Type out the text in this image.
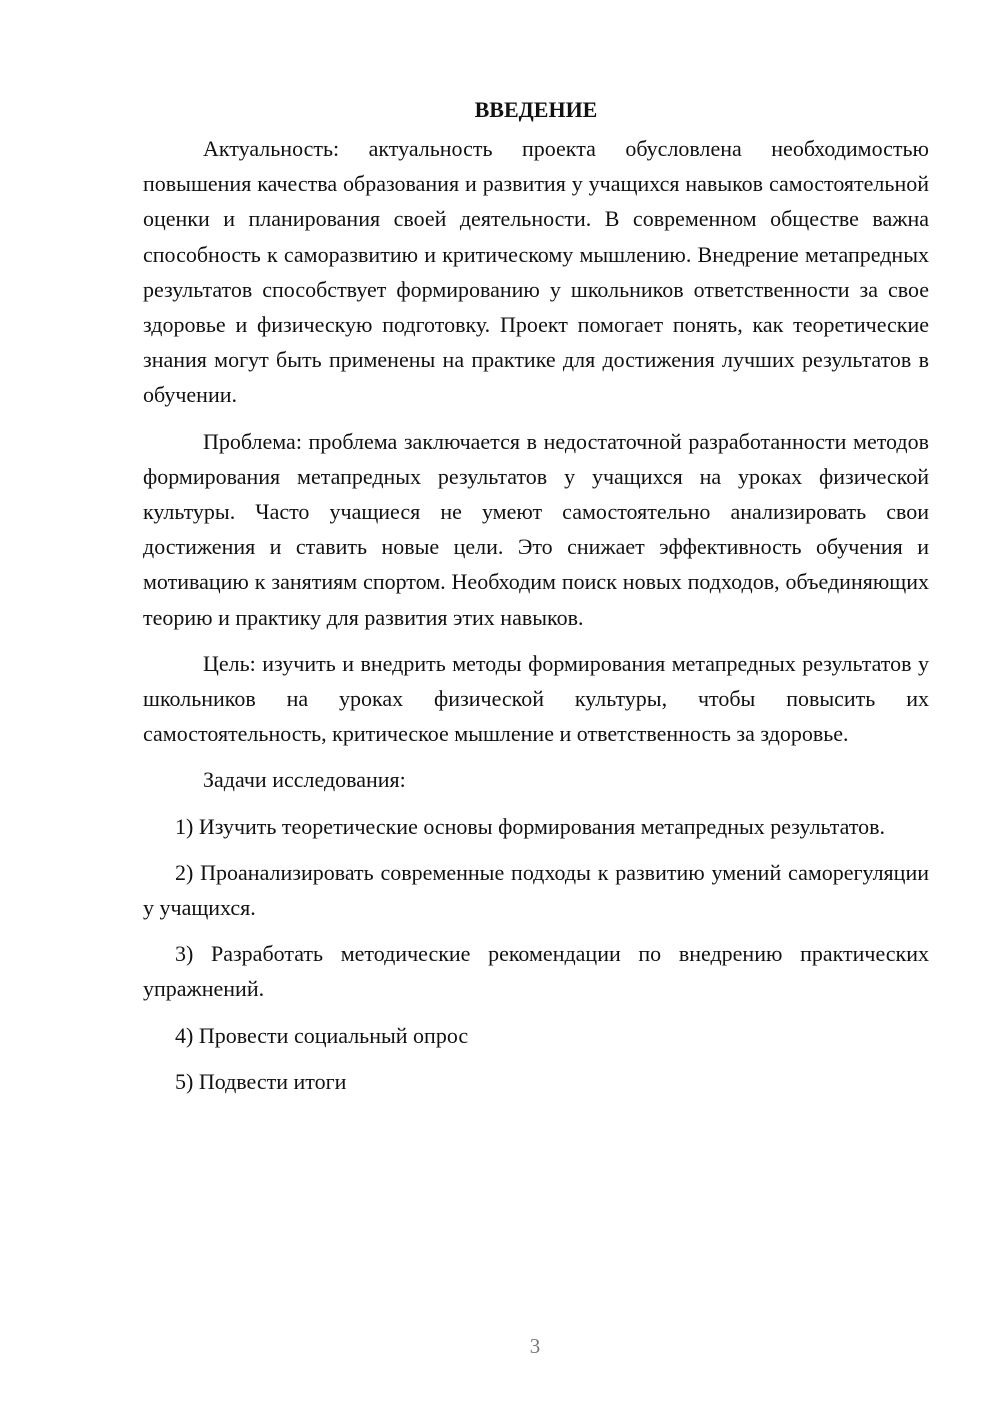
ВВЕДЕНИЕ

Актуальность: актуальность проекта обусловлена необходимостью повышения качества образования и развития у учащихся навыков самостоятельной оценки и планирования своей деятельности. В современном обществе важна способность к саморазвитию и критическому мышлению. Внедрение метапредных результатов способствует формированию у школьников ответственности за свое здоровье и физическую подготовку. Проект помогает понять, как теоретические знания могут быть применены на практике для достижения лучших результатов в обучении.

Проблема: проблема заключается в недостаточной разработанности методов формирования метапредных результатов у учащихся на уроках физической культуры. Часто учащиеся не умеют самостоятельно анализировать свои достижения и ставить новые цели. Это снижает эффективность обучения и мотивацию к занятиям спортом. Необходим поиск новых подходов, объединяющих теорию и практику для развития этих навыков.

Цель: изучить и внедрить методы формирования метапредных результатов у школьников на уроках физической культуры, чтобы повысить их самостоятельность, критическое мышление и ответственность за здоровье.

Задачи исследования:

1) Изучить теоретические основы формирования метапредных результатов.

2) Проанализировать современные подходы к развитию умений саморегуляции у учащихся.

3) Разработать методические рекомендации по внедрению практических упражнений.

4) Провести социальный опрос

5) Подвести итоги

3
